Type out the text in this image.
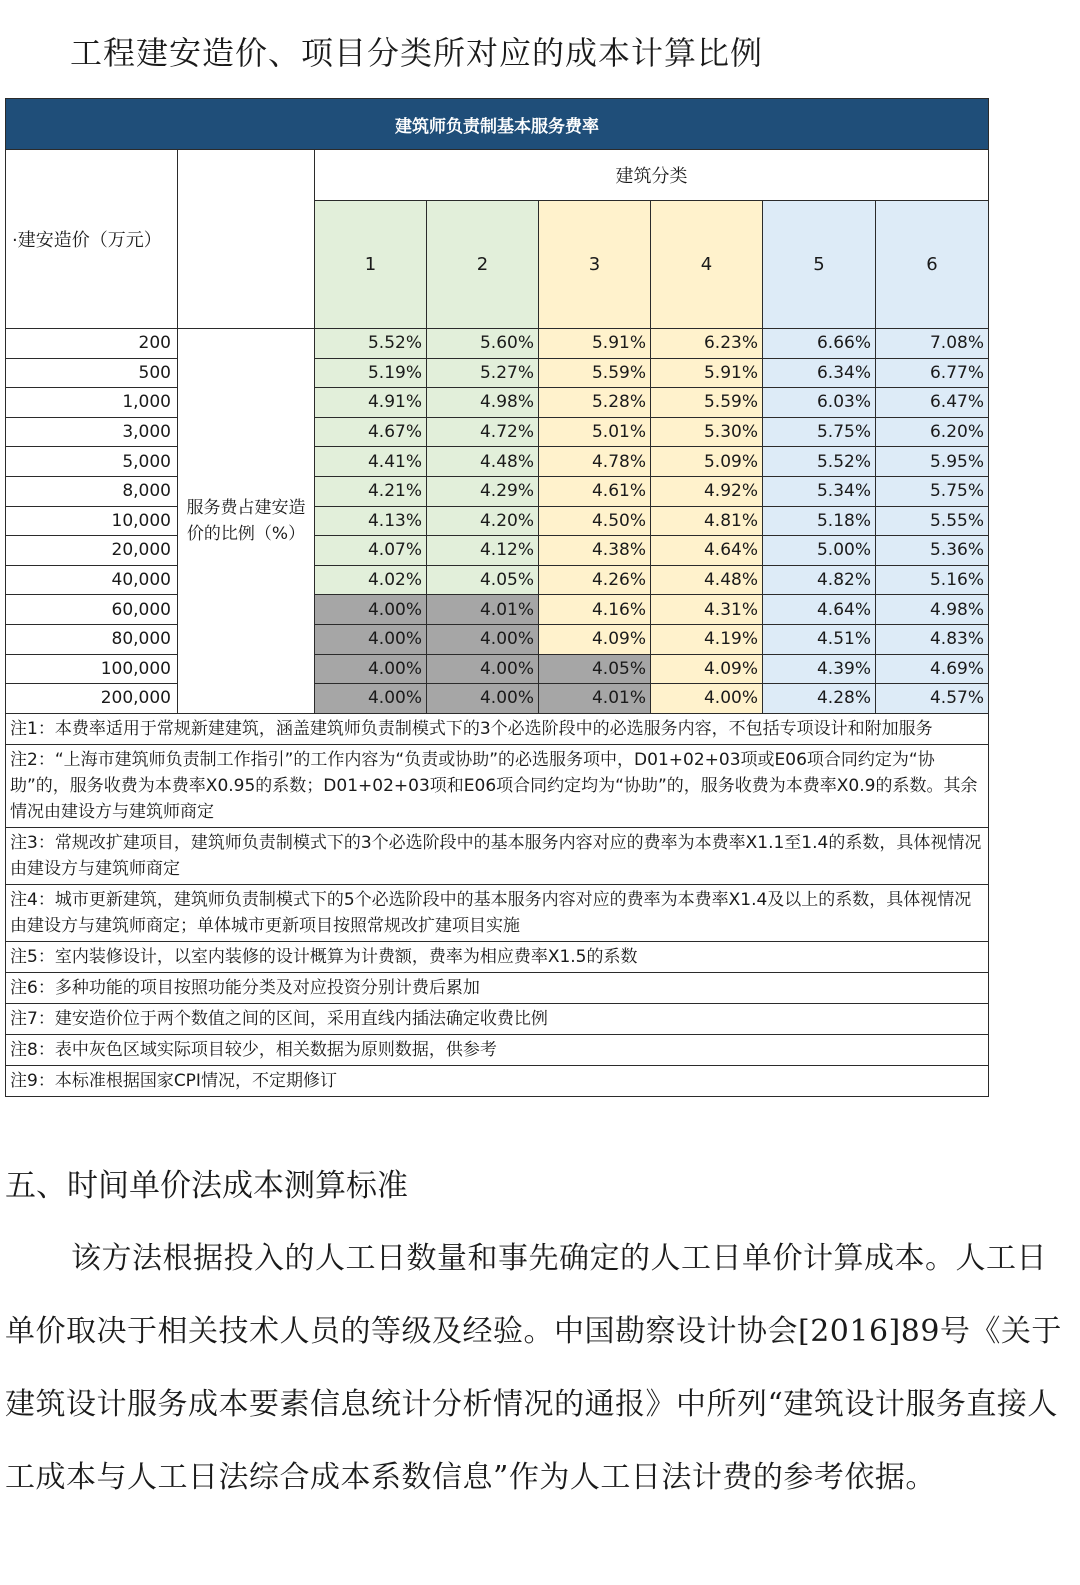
工程建安造价、项目分类所对应的成本计算比例
建筑师负责制基本服务费率							
·建安造价（万元）		建筑分类					
		1	2	3	4	5	6
200	服务费占建安造价的比例（%）	5.52%	5.60%	5.91%	6.23%	6.66%	7.08%
500		5.19%	5.27%	5.59%	5.91%	6.34%	6.77%
1,000		4.91%	4.98%	5.28%	5.59%	6.03%	6.47%
3,000		4.67%	4.72%	5.01%	5.30%	5.75%	6.20%
5,000		4.41%	4.48%	4.78%	5.09%	5.52%	5.95%
8,000		4.21%	4.29%	4.61%	4.92%	5.34%	5.75%
10,000		4.13%	4.20%	4.50%	4.81%	5.18%	5.55%
20,000		4.07%	4.12%	4.38%	4.64%	5.00%	5.36%
40,000		4.02%	4.05%	4.26%	4.48%	4.82%	5.16%
60,000		4.00%	4.01%	4.16%	4.31%	4.64%	4.98%
80,000		4.00%	4.00%	4.09%	4.19%	4.51%	4.83%
100,000		4.00%	4.00%	4.05%	4.09%	4.39%	4.69%
200,000		4.00%	4.00%	4.01%	4.00%	4.28%	4.57%
注1：本费率适用于常规新建建筑，涵盖建筑师负责制模式下的3个必选阶段中的必选服务内容，不包括专项设计和附加服务							
注2：“上海市建筑师负责制工作指引”的工作内容为“负责或协助”的必选服务项中，D01+02+03项或E06项合同约定为“协助”的，服务收费为本费率X0.95的系数；D01+02+03项和E06项合同约定均为“协助”的，服务收费为本费率X0.9的系数。其余情况由建设方与建筑师商定							
注3：常规改扩建项目，建筑师负责制模式下的3个必选阶段中的基本服务内容对应的费率为本费率X1.1至1.4的系数，具体视情况由建设方与建筑师商定							
注4：城市更新建筑，建筑师负责制模式下的5个必选阶段中的基本服务内容对应的费率为本费率X1.4及以上的系数，具体视情况由建设方与建筑师商定；单体城市更新项目按照常规改扩建项目实施							
注5：室内装修设计，以室内装修的设计概算为计费额，费率为相应费率X1.5的系数							
注6：多种功能的项目按照功能分类及对应投资分别计费后累加							
注7：建安造价位于两个数值之间的区间，采用直线内插法确定收费比例							
注8：表中灰色区域实际项目较少，相关数据为原则数据，供参考							
注9：本标准根据国家CPI情况，不定期修订							
五、时间单价法成本测算标准

该方法根据投入的人工日数量和事先确定的人工日单价计算成本。人工日单价取决于相关技术人员的等级及经验。中国勘察设计协会[2016]89号《关于建筑设计服务成本要素信息统计分析情况的通报》中所列“建筑设计服务直接人工成本与人工日法综合成本系数信息”作为人工日法计费的参考依据。
